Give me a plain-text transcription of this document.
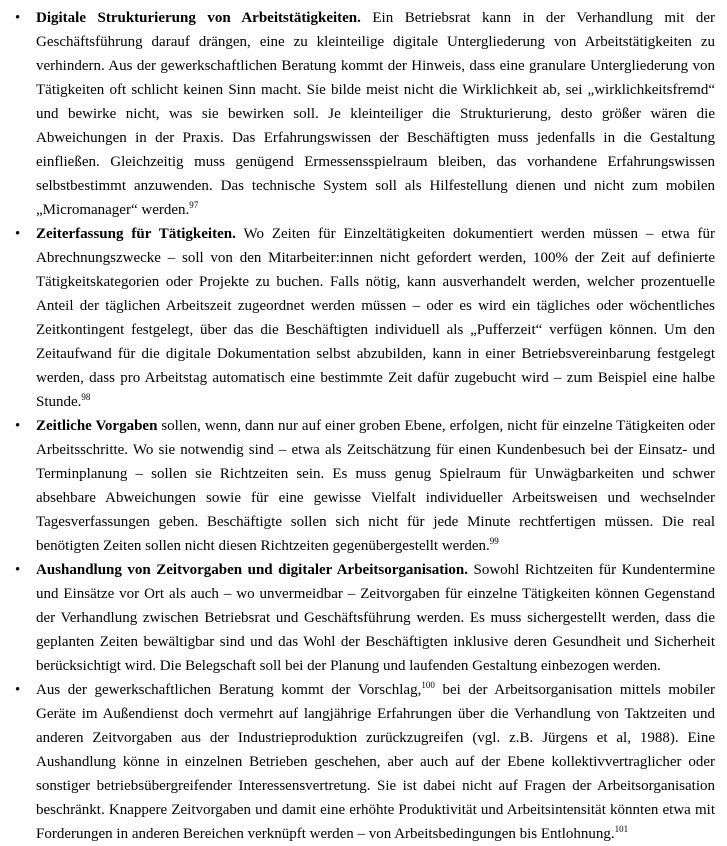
• Digitale Strukturierung von Arbeitstätigkeiten. Ein Betriebsrat kann in der Verhandlung mit der Geschäftsführung darauf drängen, eine zu kleinteilige digitale Untergliederung von Arbeitstätigkeiten zu verhindern. Aus der gewerkschaftlichen Beratung kommt der Hinweis, dass eine granulare Untergliederung von Tätigkeiten oft schlicht keinen Sinn macht. Sie bilde meist nicht die Wirklichkeit ab, sei „wirklichkeitsfremd“ und bewirke nicht, was sie bewirken soll. Je kleinteiliger die Strukturierung, desto größer wären die Abweichungen in der Praxis. Das Erfahrungswissen der Beschäftigten muss jedenfalls in die Gestaltung einfließen. Gleichzeitig muss genügend Ermessensspielraum bleiben, das vorhandene Erfahrungswissen selbstbestimmt anzuwenden. Das technische System soll als Hilfestellung dienen und nicht zum mobilen „Micromanager“ werden.$^{97}$
• Zeiterfassung für Tätigkeiten. Wo Zeiten für Einzeltätigkeiten dokumentiert werden müssen – etwa für Abrechnungszwecke – soll von den Mitarbeiter:innen nicht gefordert werden, 100% der Zeit auf definierte Tätigkeitskategorien oder Projekte zu buchen. Falls nötig, kann ausverhandelt werden, welcher prozentuelle Anteil der täglichen Arbeitszeit zugeordnet werden müssen – oder es wird ein tägliches oder wöchentliches Zeitkontingent festgelegt, über das die Beschäftigten individuell als „Pufferzeit“ verfügen können. Um den Zeitaufwand für die digitale Dokumentation selbst abzubilden, kann in einer Betriebsvereinbarung festgelegt werden, dass pro Arbeitstag automatisch eine bestimmte Zeit dafür zugebucht wird – zum Beispiel eine halbe Stunde.$^{98}$
• Zeitliche Vorgaben sollen, wenn, dann nur auf einer groben Ebene, erfolgen, nicht für einzelne Tätigkeiten oder Arbeitsschritte. Wo sie notwendig sind – etwa als Zeitschätzung für einen Kundenbesuch bei der Einsatz- und Terminplanung – sollen sie Richtzeiten sein. Es muss genug Spielraum für Unwägbarkeiten und schwer absehbare Abweichungen sowie für eine gewisse Vielfalt individueller Arbeitsweisen und wechselnder Tagesverfassungen geben. Beschäftigte sollen sich nicht für jede Minute rechtfertigen müssen. Die real benötigten Zeiten sollen nicht diesen Richtzeiten gegenübergestellt werden.$^{99}$
• Aushandlung von Zeitvorgaben und digitaler Arbeitsorganisation. Sowohl Richtzeiten für Kundentermine und Einsätze vor Ort als auch – wo unvermeidbar – Zeitvorgaben für einzelne Tätigkeiten können Gegenstand der Verhandlung zwischen Betriebsrat und Geschäftsführung werden. Es muss sichergestellt werden, dass die geplanten Zeiten bewältigbar sind und das Wohl der Beschäftigten inklusive deren Gesundheit und Sicherheit berücksichtigt wird. Die Belegschaft soll bei der Planung und laufenden Gestaltung einbezogen werden.
• Aus der gewerkschaftlichen Beratung kommt der Vorschlag,$^{100}$ bei der Arbeitsorganisation mittels mobiler Geräte im Außendienst doch vermehrt auf langjährige Erfahrungen über die Verhandlung von Taktzeiten und anderen Zeitvorgaben aus der Industrieproduktion zurückzugreifen (vgl. z.B. Jürgens et al, 1988). Eine Aushandlung könne in einzelnen Betrieben geschehen, aber auch auf der Ebene kollektivvertraglicher oder sonstiger betriebsübergreifender Interessensvertretung. Sie ist dabei nicht auf Fragen der Arbeitsorganisation beschränkt. Knappere Zeitvorgaben und damit eine erhöhte Produktivität und Arbeitsintensität könnten etwa mit Forderungen in anderen Bereichen verknüpft werden – von Arbeitsbedingungen bis Entlohnung.$^{101}$
